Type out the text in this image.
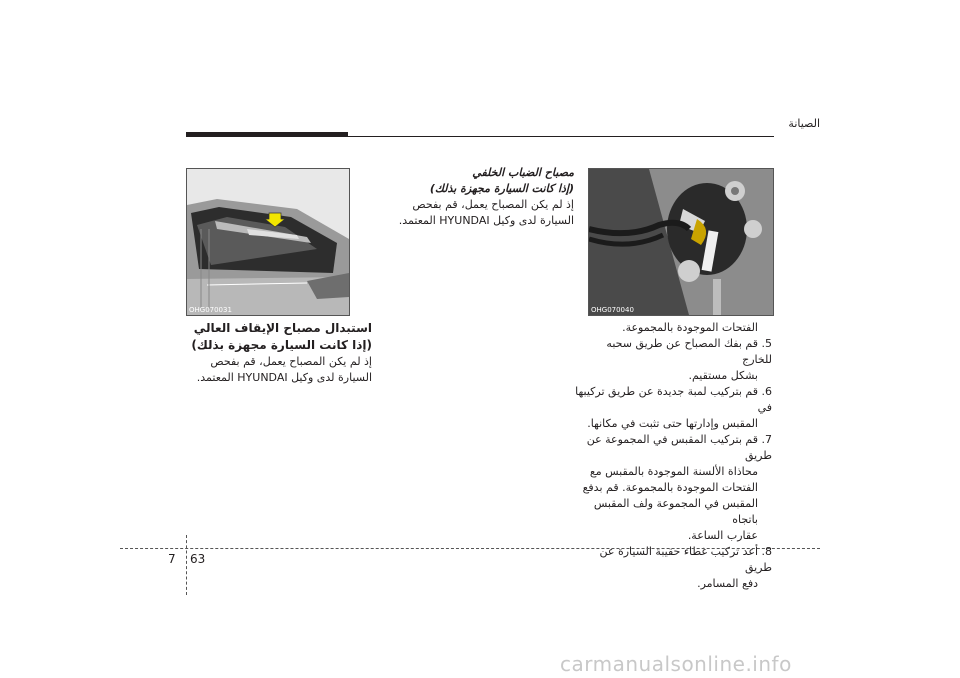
الصيانة
OHG070031
استبدال مصباح الإيقاف العالي
(إذا كانت السيارة مجهزة بذلك)
إذ لم يكن المصباح يعمل، قم بفحص السيارة لدى وكيل HYUNDAI المعتمد.
مصباح الضباب الخلفي
(إذا كانت السيارة مجهزة بذلك)
إذ لم يكن المصباح يعمل، قم بفحص السيارة لدى وكيل HYUNDAI المعتمد.
OHG070040
الفتحات الموجودة بالمجموعة.
5. قم بفك المصباح عن طريق سحبه للخارج
بشكل مستقيم.
6. قم بتركيب لمبة جديدة عن طريق تركيبها في
المقبس وإدارتها حتى تثبت في مكانها.
7. قم بتركيب المقبس في المجموعة عن طريق
محاذاة الألسنة الموجودة بالمقبس مع
الفتحات الموجودة بالمجموعة. قم بدفع
المقبس في المجموعة ولف المقبس باتجاه
عقارب الساعة.
8. أعد تركيب غطاء حقيبة السيارة عن طريق
دفع المسامر.
7 63
carmanualsonline.info
